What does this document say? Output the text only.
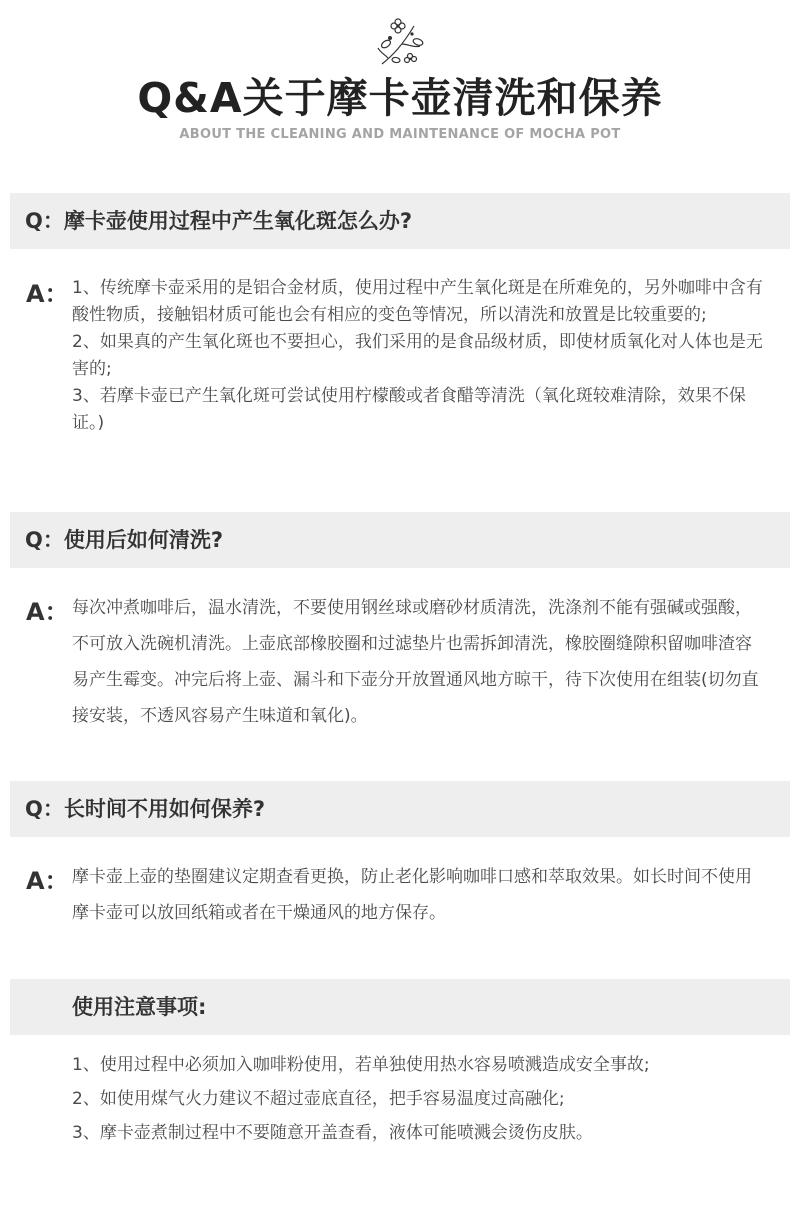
Q&A关于摩卡壶清洗和保养
ABOUT THE CLEANING AND MAINTENANCE OF MOCHA POT
Q：摩卡壶使用过程中产生氧化斑怎么办?
A： 1、传统摩卡壶采用的是铝合金材质，使用过程中产生氧化斑是在所难免的，另外咖啡中含有酸性物质，接触铝材质可能也会有相应的变色等情况，所以清洗和放置是比较重要的;

2、如果真的产生氧化斑也不要担心，我们采用的是食品级材质，即使材质氧化对人体也是无害的;

3、若摩卡壶已产生氧化斑可尝试使用柠檬酸或者食醋等清洗（氧化斑较难清除，效果不保证。)

Q：使用后如何清洗?
A： 每次冲煮咖啡后，温水清洗，不要使用钢丝球或磨砂材质清洗，洗涤剂不能有强碱或强酸，不可放入洗碗机清洗。上壶底部橡胶圈和过滤垫片也需拆卸清洗，橡胶圈缝隙积留咖啡渣容易产生霉变。冲完后将上壶、漏斗和下壶分开放置通风地方晾干，待下次使用在组装(切勿直接安装，不透风容易产生味道和氧化)。

Q：长时间不用如何保养?
A： 摩卡壶上壶的垫圈建议定期查看更换，防止老化影响咖啡口感和萃取效果。如长时间不使用摩卡壶可以放回纸箱或者在干燥通风的地方保存。

使用注意事项:

1、使用过程中必须加入咖啡粉使用，若单独使用热水容易喷溅造成安全事故;

2、如使用煤气火力建议不超过壶底直径，把手容易温度过高融化;

3、摩卡壶煮制过程中不要随意开盖查看，液体可能喷溅会烫伤皮肤。
